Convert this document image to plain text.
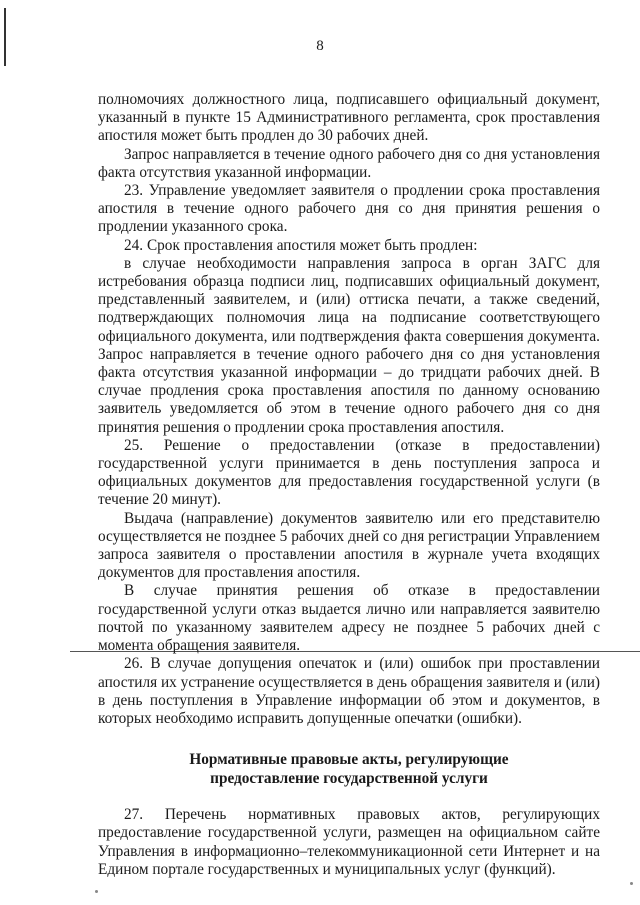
8

полномочиях должностного лица, подписавшего официальный документ, указанный в пункте 15 Административного регламента, срок проставления апостиля может быть продлен до 30 рабочих дней.

Запрос направляется в течение одного рабочего дня со дня установления факта отсутствия указанной информации.

23. Управление уведомляет заявителя о продлении срока проставления апостиля в течение одного рабочего дня со дня принятия решения о продлении указанного срока.

24. Срок проставления апостиля может быть продлен:

в случае необходимости направления запроса в орган ЗАГС для истребования образца подписи лиц, подписавших официальный документ, представленный заявителем, и (или) оттиска печати, а также сведений, подтверждающих полномочия лица на подписание соответствующего официального документа, или подтверждения факта совершения документа. Запрос направляется в течение одного рабочего дня со дня установления факта отсутствия указанной информации – до тридцати рабочих дней. В случае продления срока проставления апостиля по данному основанию заявитель уведомляется об этом в течение одного рабочего дня со дня принятия решения о продлении срока проставления апостиля.

25. Решение о предоставлении (отказе в предоставлении) государственной услуги принимается в день поступления запроса и официальных документов для предоставления государственной услуги (в течение 20 минут).

Выдача (направление) документов заявителю или его представителю осуществляется не позднее 5 рабочих дней со дня регистрации Управлением запроса заявителя о проставлении апостиля в журнале учета входящих документов для проставления апостиля.

В случае принятия решения об отказе в предоставлении государственной услуги отказ выдается лично или направляется заявителю почтой по указанному заявителем адресу не позднее 5 рабочих дней с момента обращения заявителя.

26. В случае допущения опечаток и (или) ошибок при проставлении апостиля их устранение осуществляется в день обращения заявителя и (или) в день поступления в Управление информации об этом и документов, в которых необходимо исправить допущенные опечатки (ошибки).

Нормативные правовые акты, регулирующие
предоставление государственной услуги

27. Перечень нормативных правовых актов, регулирующих предоставление государственной услуги, размещен на официальном сайте Управления в информационно–телекоммуникационной сети Интернет и на Едином портале государственных и муниципальных услуг (функций).
